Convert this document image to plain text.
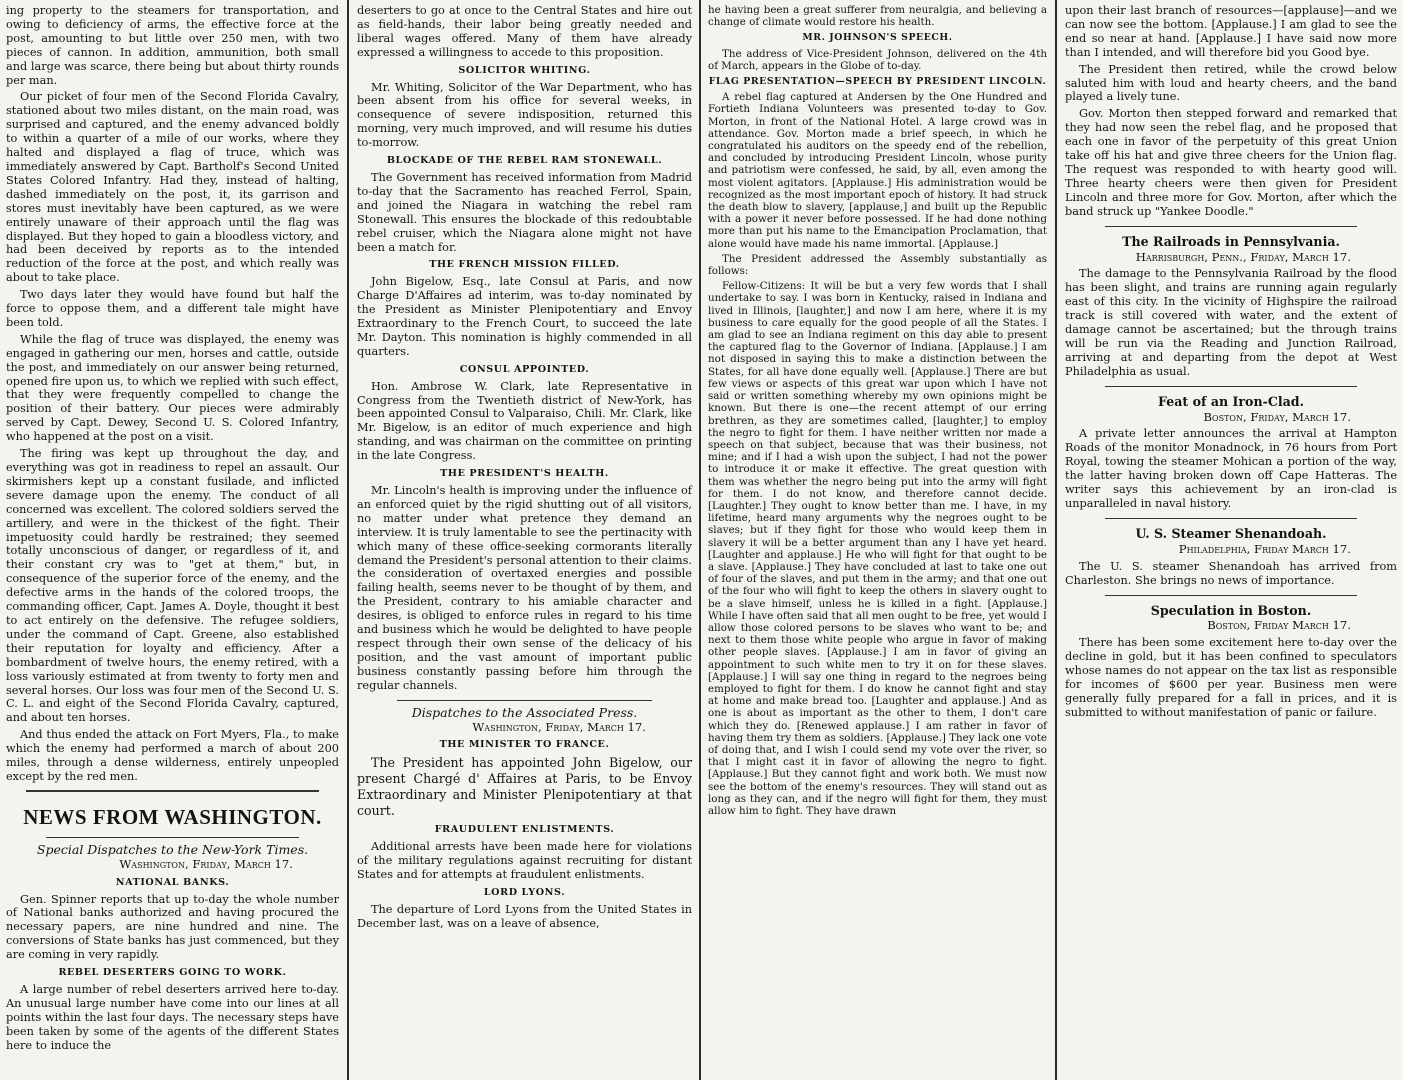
ing property to the steamers for transportation, and owing to deficiency of arms, the effective force at the post, amounting to but little over 250 men, with two pieces of cannon. In addition, ammunition, both small and large was scarce, there being but about thirty rounds per man.

Our picket of four men of the Second Florida Cavalry, stationed about two miles distant, on the main road, was surprised and captured, and the enemy advanced boldly to within a quarter of a mile of our works, where they halted and displayed a flag of truce, which was immediately answered by Capt. Bartholf's Second United States Colored Infantry. Had they, instead of halting, dashed immediately on the post, it, its garrison and stores must inevitably have been captured, as we were entirely unaware of their approach until the flag was displayed. But they hoped to gain a bloodless victory, and had been deceived by reports as to the intended reduction of the force at the post, and which really was about to take place.

Two days later they would have found but half the force to oppose them, and a different tale might have been told.

While the flag of truce was displayed, the enemy was engaged in gathering our men, horses and cattle, outside the post, and immediately on our answer being returned, opened fire upon us, to which we replied with such effect, that they were frequently compelled to change the position of their battery. Our pieces were admirably served by Capt. Dewey, Second U. S. Colored Infantry, who happened at the post on a visit.

The firing was kept up throughout the day, and everything was got in readiness to repel an assault. Our skirmishers kept up a constant fusilade, and inflicted severe damage upon the enemy. The conduct of all concerned was excellent. The colored soldiers served the artillery, and were in the thickest of the fight. Their impetuosity could hardly be restrained; they seemed totally unconscious of danger, or regardless of it, and their constant cry was to "get at them," but, in consequence of the superior force of the enemy, and the defective arms in the hands of the colored troops, the commanding officer, Capt. James A. Doyle, thought it best to act entirely on the defensive. The refugee soldiers, under the command of Capt. Greene, also established their reputation for loyalty and efficiency. After a bombardment of twelve hours, the enemy retired, with a loss variously estimated at from twenty to forty men and several horses. Our loss was four men of the Second U. S. C. L. and eight of the Second Florida Cavalry, captured, and about ten horses.

And thus ended the attack on Fort Myers, Fla., to make which the enemy had performed a march of about 200 miles, through a dense wilderness, entirely unpeopled except by the red men.

NEWS FROM WASHINGTON.
Special Dispatches to the New-York Times.
Washington, Friday, March 17.
NATIONAL BANKS.

Gen. Spinner reports that up to-day the whole number of National banks authorized and having procured the necessary papers, are nine hundred and nine. The conversions of State banks has just commenced, but they are coming in very rapidly.

REBEL DESERTERS GOING TO WORK.

A large number of rebel deserters arrived here to-day. An unusual large number have come into our lines at all points within the last four days. The necessary steps have been taken by some of the agents of the different States here to induce the

deserters to go at once to the Central States and hire out as field-hands, their labor being greatly needed and liberal wages offered. Many of them have already expressed a willingness to accede to this proposition.

SOLICITOR WHITING.

Mr. Whiting, Solicitor of the War Department, who has been absent from his office for several weeks, in consequence of severe indisposition, returned this morning, very much improved, and will resume his duties to-morrow.

BLOCKADE OF THE REBEL RAM STONEWALL.

The Government has received information from Madrid to-day that the Sacramento has reached Ferrol, Spain, and joined the Niagara in watching the rebel ram Stonewall. This ensures the blockade of this redoubtable rebel cruiser, which the Niagara alone might not have been a match for.

THE FRENCH MISSION FILLED.

John Bigelow, Esq., late Consul at Paris, and now Charge D'Affaires ad interim, was to-day nominated by the President as Minister Plenipotentiary and Envoy Extraordinary to the French Court, to succeed the late Mr. Dayton. This nomination is highly commended in all quarters.

CONSUL APPOINTED.

Hon. Ambrose W. Clark, late Representative in Congress from the Twentieth district of New-York, has been appointed Consul to Valparaiso, Chili. Mr. Clark, like Mr. Bigelow, is an editor of much experience and high standing, and was chairman on the committee on printing in the late Congress.

THE PRESIDENT'S HEALTH.

Mr. Lincoln's health is improving under the influence of an enforced quiet by the rigid shutting out of all visitors, no matter under what pretence they demand an interview. It is truly lamentable to see the pertinacity with which many of these office-seeking cormorants literally demand the President's personal attention to their claims. the consideration of overtaxed energies and possible failing health, seems never to be thought of by them, and the President, contrary to his amiable character and desires, is obliged to enforce rules in regard to his time and business which he would be delighted to have people respect through their own sense of the delicacy of his position, and the vast amount of important public business constantly passing before him through the regular channels.

Dispatches to the Associated Press.
Washington, Friday, March 17.
THE MINISTER TO FRANCE.

The President has appointed John Bigelow, our present Chargé d' Affaires at Paris, to be Envoy Extraordinary and Minister Plenipotentiary at that court.

FRAUDULENT ENLISTMENTS.

Additional arrests have been made here for violations of the military regulations against recruiting for distant States and for attempts at fraudulent enlistments.

LORD LYONS.

The departure of Lord Lyons from the United States in December last, was on a leave of absence,

he having been a great sufferer from neuralgia, and believing a change of climate would restore his health.

MR. JOHNSON'S SPEECH.

The address of Vice-President Johnson, delivered on the 4th of March, appears in the Globe of to-day.

FLAG PRESENTATION—SPEECH BY PRESIDENT LINCOLN.

A rebel flag captured at Andersen by the One Hundred and Fortieth Indiana Volunteers was presented to-day to Gov. Morton, in front of the National Hotel. A large crowd was in attendance. Gov. Morton made a brief speech, in which he congratulated his auditors on the speedy end of the rebellion, and concluded by introducing President Lincoln, whose purity and patriotism were confessed, he said, by all, even among the most violent agitators. [Applause.] His administration would be recognized as the most important epoch of history. It had struck the death blow to slavery, [applause,] and built up the Republic with a power it never before possessed. If he had done nothing more than put his name to the Emancipation Proclamation, that alone would have made his name immortal. [Applause.]

The President addressed the Assembly substantially as follows:

Fellow-Citizens: It will be but a very few words that I shall undertake to say. I was born in Kentucky, raised in Indiana and lived in Illinois, [laughter,] and now I am here, where it is my business to care equally for the good people of all the States. I am glad to see an Indiana regiment on this day able to present the captured flag to the Governor of Indiana. [Applause.] I am not disposed in saying this to make a distinction between the States, for all have done equally well. [Applause.] There are but few views or aspects of this great war upon which I have not said or written something whereby my own opinions might be known. But there is one—the recent attempt of our erring brethren, as they are sometimes called, [laughter,] to employ the negro to fight for them. I have neither written nor made a speech on that subject, because that was their business, not mine; and if I had a wish upon the subject, I had not the power to introduce it or make it effective. The great question with them was whether the negro being put into the army will fight for them. I do not know, and therefore cannot decide. [Laughter.] They ought to know better than me. I have, in my lifetime, heard many arguments why the negroes ought to be slaves; but if they fight for those who would keep them in slavery it will be a better argument than any I have yet heard. [Laughter and applause.] He who will fight for that ought to be a slave. [Applause.] They have concluded at last to take one out of four of the slaves, and put them in the army; and that one out of the four who will fight to keep the others in slavery ought to be a slave himself, unless he is killed in a fight. [Applause.] While I have often said that all men ought to be free, yet would I allow those colored persons to be slaves who want to be; and next to them those white people who argue in favor of making other people slaves. [Applause.] I am in favor of giving an appointment to such white men to try it on for these slaves. [Applause.] I will say one thing in regard to the negroes being employed to fight for them. I do know he cannot fight and stay at home and make bread too. [Laughter and applause.] And as one is about as important as the other to them, I don't care which they do. [Renewed applause.] I am rather in favor of having them try them as soldiers. [Applause.] They lack one vote of doing that, and I wish I could send my vote over the river, so that I might cast it in favor of allowing the negro to fight. [Applause.] But they cannot fight and work both. We must now see the bottom of the enemy's resources. They will stand out as long as they can, and if the negro will fight for them, they must allow him to fight. They have drawn

upon their last branch of resources—[applause]—and we can now see the bottom. [Applause.] I am glad to see the end so near at hand. [Applause.] I have said now more than I intended, and will therefore bid you Good bye.

The President then retired, while the crowd below saluted him with loud and hearty cheers, and the band played a lively tune.

Gov. Morton then stepped forward and remarked that they had now seen the rebel flag, and he proposed that each one in favor of the perpetuity of this great Union take off his hat and give three cheers for the Union flag. The request was responded to with hearty good will. Three hearty cheers were then given for President Lincoln and three more for Gov. Morton, after which the band struck up "Yankee Doodle."

The Railroads in Pennsylvania.
Harrisburgh, Penn., Friday, March 17.

The damage to the Pennsylvania Railroad by the flood has been slight, and trains are running again regularly east of this city. In the vicinity of Highspire the railroad track is still covered with water, and the extent of damage cannot be ascertained; but the through trains will be run via the Reading and Junction Railroad, arriving at and departing from the depot at West Philadelphia as usual.

Feat of an Iron-Clad.
Boston, Friday, March 17.

A private letter announces the arrival at Hampton Roads of the monitor Monadnock, in 76 hours from Port Royal, towing the steamer Mohican a portion of the way, the latter having broken down off Cape Hatteras. The writer says this achievement by an iron-clad is unparalleled in naval history.

U. S. Steamer Shenandoah.
Philadelphia, Friday March 17.

The U. S. steamer Shenandoah has arrived from Charleston. She brings no news of importance.

Speculation in Boston.
Boston, Friday March 17.

There has been some excitement here to-day over the decline in gold, but it has been confined to speculators whose names do not appear on the tax list as responsible for incomes of $600 per year. Business men were generally fully prepared for a fall in prices, and it is submitted to without manifestation of panic or failure.
